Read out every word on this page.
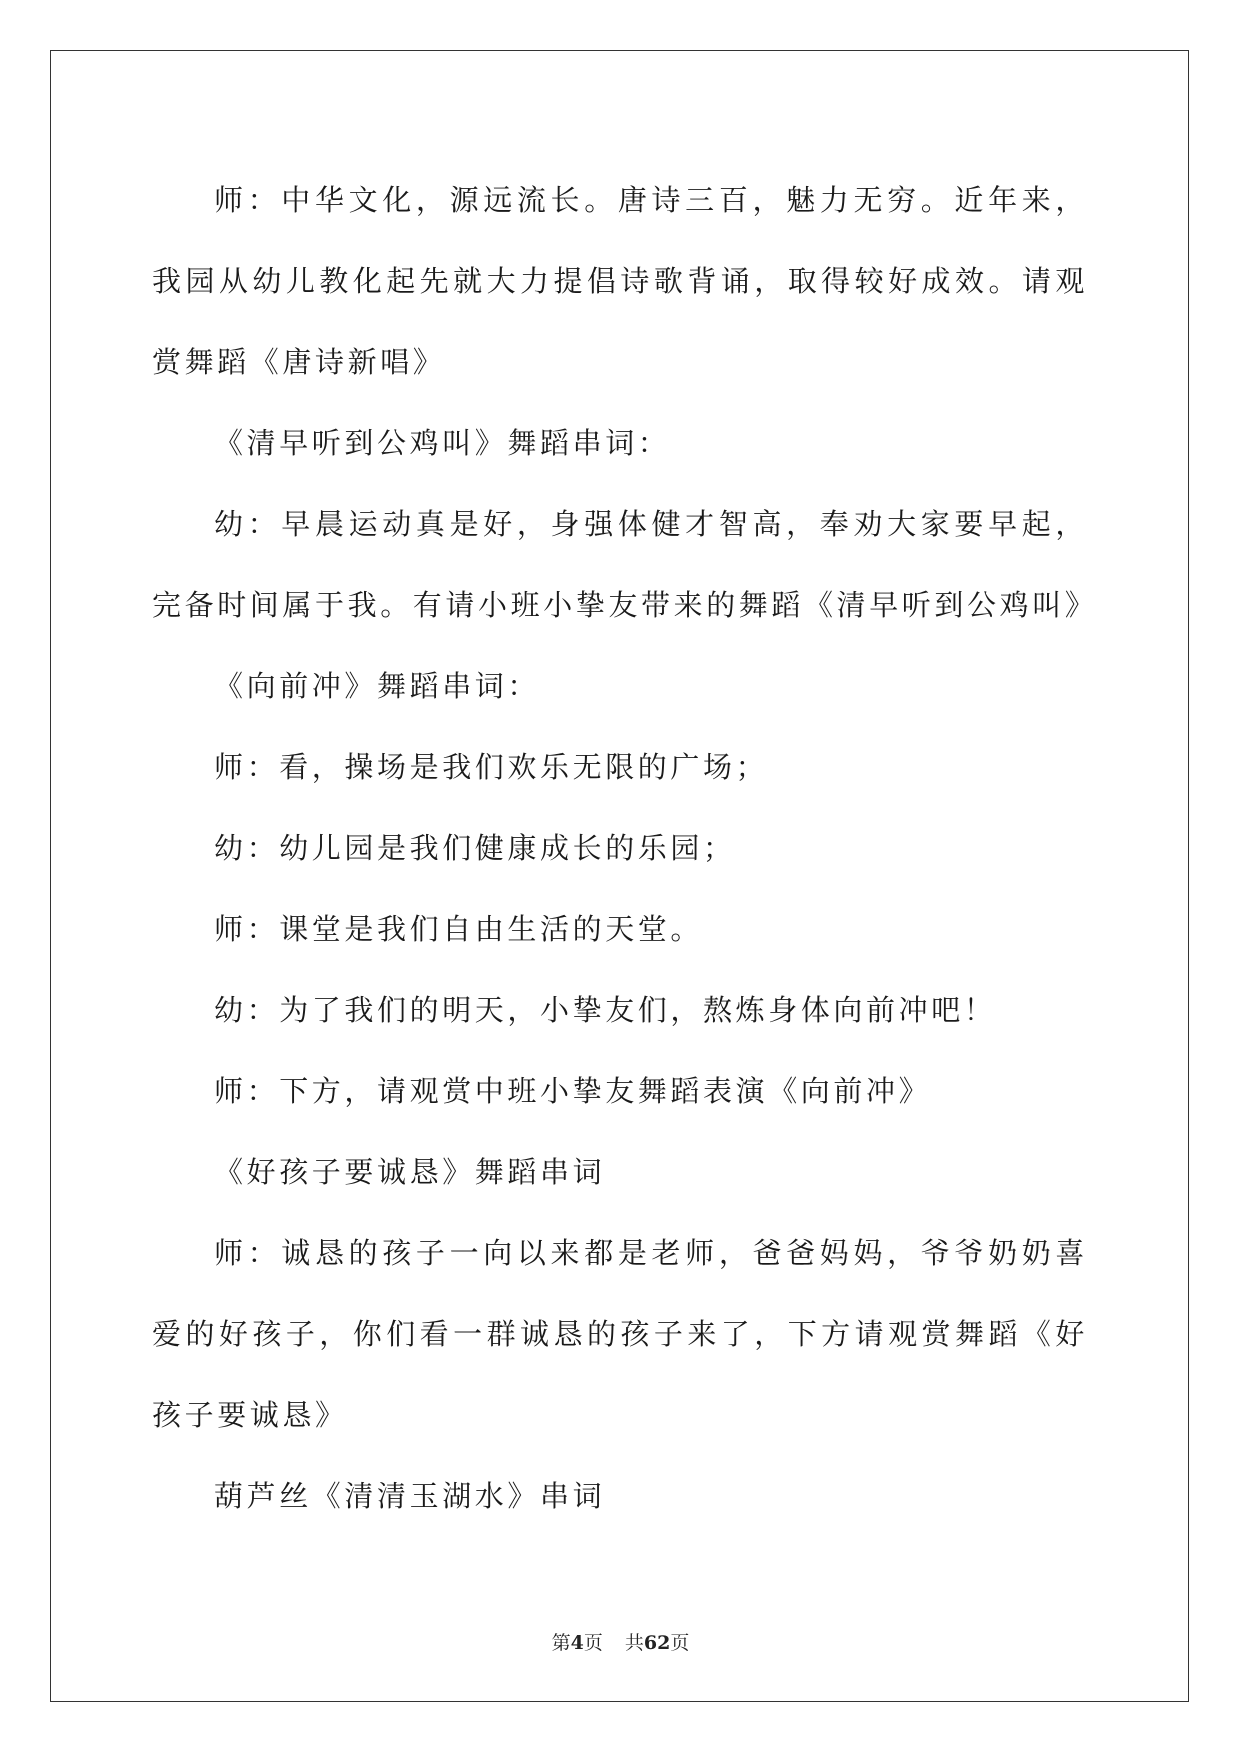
师：中华文化，源远流长。唐诗三百，魅力无穷。近年来，我园从幼儿教化起先就大力提倡诗歌背诵，取得较好成效。请观赏舞蹈《唐诗新唱》

《清早听到公鸡叫》舞蹈串词：

幼：早晨运动真是好，身强体健才智高，奉劝大家要早起，完备时间属于我。有请小班小挚友带来的舞蹈《清早听到公鸡叫》

《向前冲》舞蹈串词：

师：看，操场是我们欢乐无限的广场；

幼：幼儿园是我们健康成长的乐园；

师：课堂是我们自由生活的天堂。

幼：为了我们的明天，小挚友们，熬炼身体向前冲吧！

师：下方，请观赏中班小挚友舞蹈表演《向前冲》

《好孩子要诚恳》舞蹈串词

师：诚恳的孩子一向以来都是老师，爸爸妈妈，爷爷奶奶喜爱的好孩子，你们看一群诚恳的孩子来了，下方请观赏舞蹈《好孩子要诚恳》

葫芦丝《清清玉湖水》串词

第4页 共62页
